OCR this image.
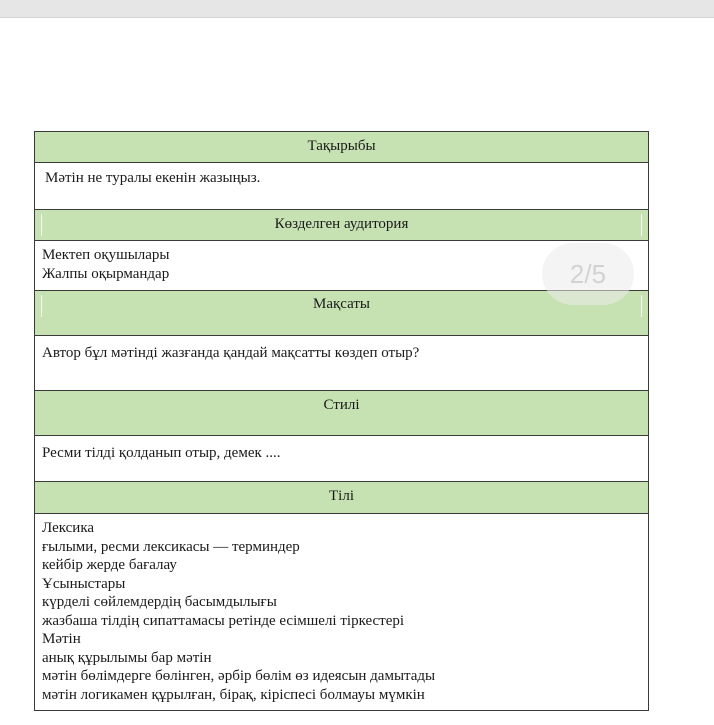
2/5
Тақырыбы
Мәтін не туралы екенін жазыңыз.
Көзделген аудитория
Мектеп оқушылары
Жалпы оқырмандар
Мақсаты
Автор бұл мәтінді жазғанда қандай мақсатты көздеп отыр?
Стилі
Ресми тілді қолданып отыр, демек ....
Тілі
Лексика
ғылыми, ресми лексикасы — терминдер
кейбір жерде бағалау
Ұсыныстары
күрделі сөйлемдердің басымдылығы
жазбаша тілдің сипаттамасы ретінде есімшелі тіркестері
Мәтін
анық құрылымы бар мәтін
мәтін бөлімдерге бөлінген, әрбір бөлім өз идеясын дамытады
мәтін логикамен құрылған, бірақ, кіріспесі болмауы мүмкін
